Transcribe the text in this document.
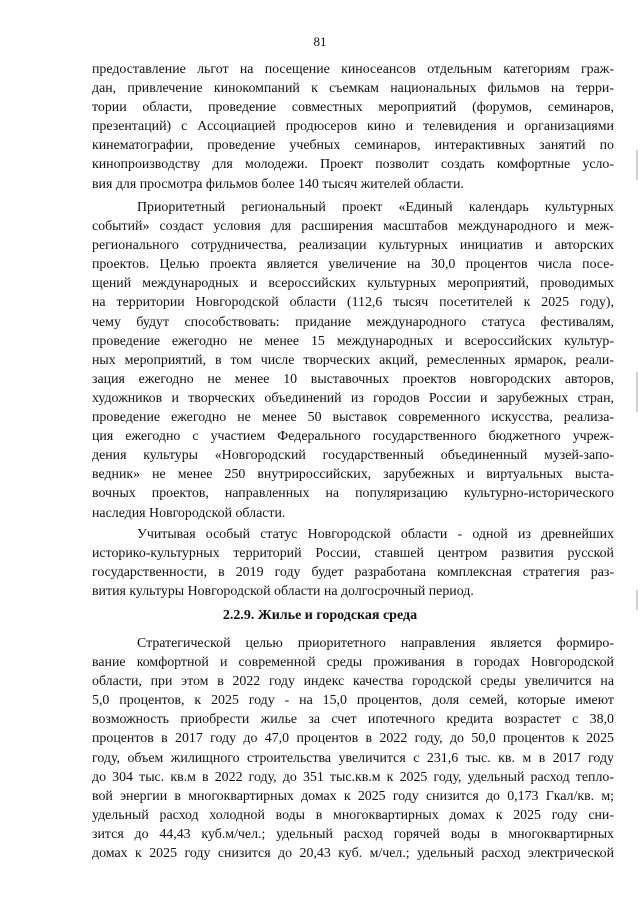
81
предоставление льгот на посещение киносеансов отдельным категориям граж-
дан, привлечение кинокомпаний к съемкам национальных фильмов на терри-
тории области, проведение совместных мероприятий (форумов, семинаров,
презентаций) с Ассоциацией продюсеров кино и телевидения и организациями
кинематографии, проведение учебных семинаров, интерактивных занятий по
кинопроизводству для молодежи. Проект позволит создать комфортные усло-
вия для просмотра фильмов более 140 тысяч жителей области.
Приоритетный региональный проект «Единый календарь культурных
событий» создаст условия для расширения масштабов международного и меж-
регионального сотрудничества, реализации культурных инициатив и авторских
проектов. Целью проекта является увеличение на 30,0 процентов числа посе-
щений международных и всероссийских культурных мероприятий, проводимых
на территории Новгородской области (112,6 тысяч посетителей к 2025 году),
чему будут способствовать: придание международного статуса фестивалям,
проведение ежегодно не менее 15 международных и всероссийских культур-
ных мероприятий, в том числе творческих акций, ремесленных ярмарок, реали-
зация ежегодно не менее 10 выставочных проектов новгородских авторов,
художников и творческих объединений из городов России и зарубежных стран,
проведение ежегодно не менее 50 выставок современного искусства, реализа-
ция ежегодно с участием Федерального государственного бюджетного учреж-
дения культуры «Новгородский государственный объединенный музей-запо-
ведник» не менее 250 внутрироссийских, зарубежных и виртуальных выста-
вочных проектов, направленных на популяризацию культурно-исторического
наследия Новгородской области.
Учитывая особый статус Новгородской области - одной из древнейших
историко-культурных территорий России, ставшей центром развития русской
государственности, в 2019 году будет разработана комплексная стратегия раз-
вития культуры Новгородской области на долгосрочный период.
2.2.9. Жилье и городская среда
Стратегической целью приоритетного направления является формиро-
вание комфортной и современной среды проживания в городах Новгородской
области, при этом в 2022 году индекс качества городской среды увеличится на
5,0 процентов, к 2025 году - на 15,0 процентов, доля семей, которые имеют
возможность приобрести жилье за счет ипотечного кредита возрастет с 38,0
процентов в 2017 году до 47,0 процентов в 2022 году, до 50,0 процентов к 2025
году, объем жилищного строительства увеличится с 231,6 тыс. кв. м в 2017 году
до 304 тыс. кв.м в 2022 году, до 351 тыс.кв.м к 2025 году, удельный расход тепло-
вой энергии в многоквартирных домах к 2025 году снизится до 0,173 Гкал/кв. м;
удельный расход холодной воды в многоквартирных домах к 2025 году сни-
зится до 44,43 куб.м/чел.; удельный расход горячей воды в многоквартирных
домах к 2025 году снизится до 20,43 куб. м/чел.; удельный расход электрической
